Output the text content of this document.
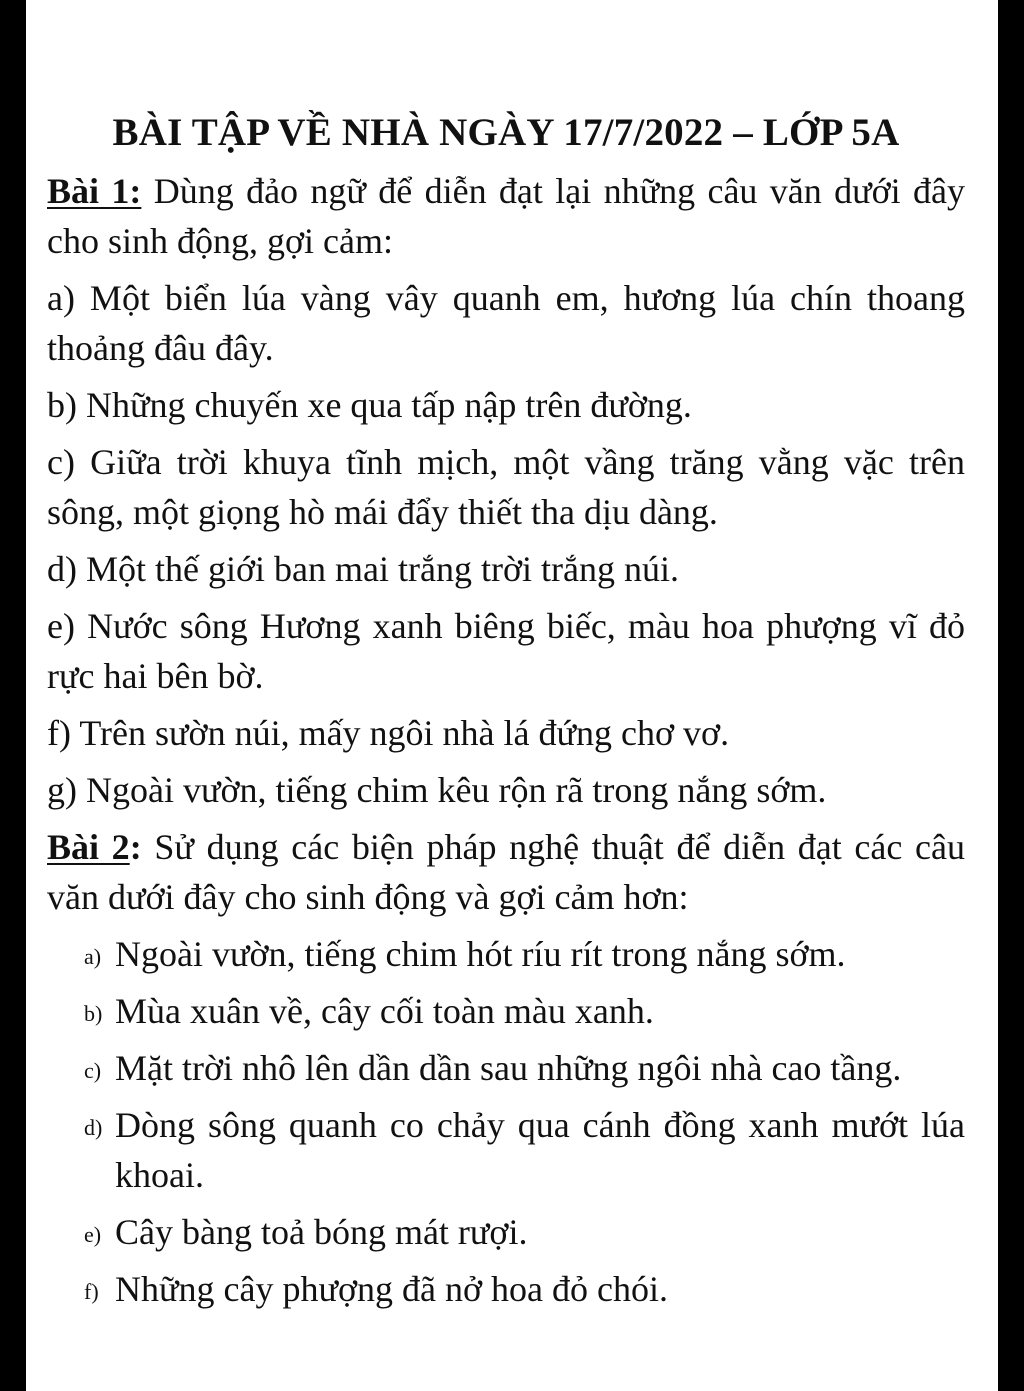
BÀI TẬP VỀ NHÀ NGÀY 17/7/2022 – LỚP 5A
Bài 1: Dùng đảo ngữ để diễn đạt lại những câu văn dưới đây cho sinh động, gợi cảm:
a) Một biển lúa vàng vây quanh em, hương lúa chín thoang thoảng đâu đây.
b) Những chuyến xe qua tấp nập trên đường.
c) Giữa trời khuya tĩnh mịch, một vầng trăng vằng vặc trên sông, một giọng hò mái đẩy thiết tha dịu dàng.
d) Một thế giới ban mai trắng trời trắng núi.
e) Nước sông Hương xanh biêng biếc, màu hoa phượng vĩ đỏ rực hai bên bờ.
f) Trên sườn núi, mấy ngôi nhà lá đứng chơ vơ.
g) Ngoài vườn, tiếng chim kêu rộn rã trong nắng sớm.
Bài 2: Sử dụng các biện pháp nghệ thuật để diễn đạt các câu văn dưới đây cho sinh động và gợi cảm hơn:
a) Ngoài vườn, tiếng chim hót ríu rít trong nắng sớm.
b) Mùa xuân về, cây cối toàn màu xanh.
c) Mặt trời nhô lên dần dần sau những ngôi nhà cao tầng.
d) Dòng sông quanh co chảy qua cánh đồng xanh mướt lúa khoai.
e) Cây bàng toả bóng mát rượi.
f) Những cây phượng đã nở hoa đỏ chói.
